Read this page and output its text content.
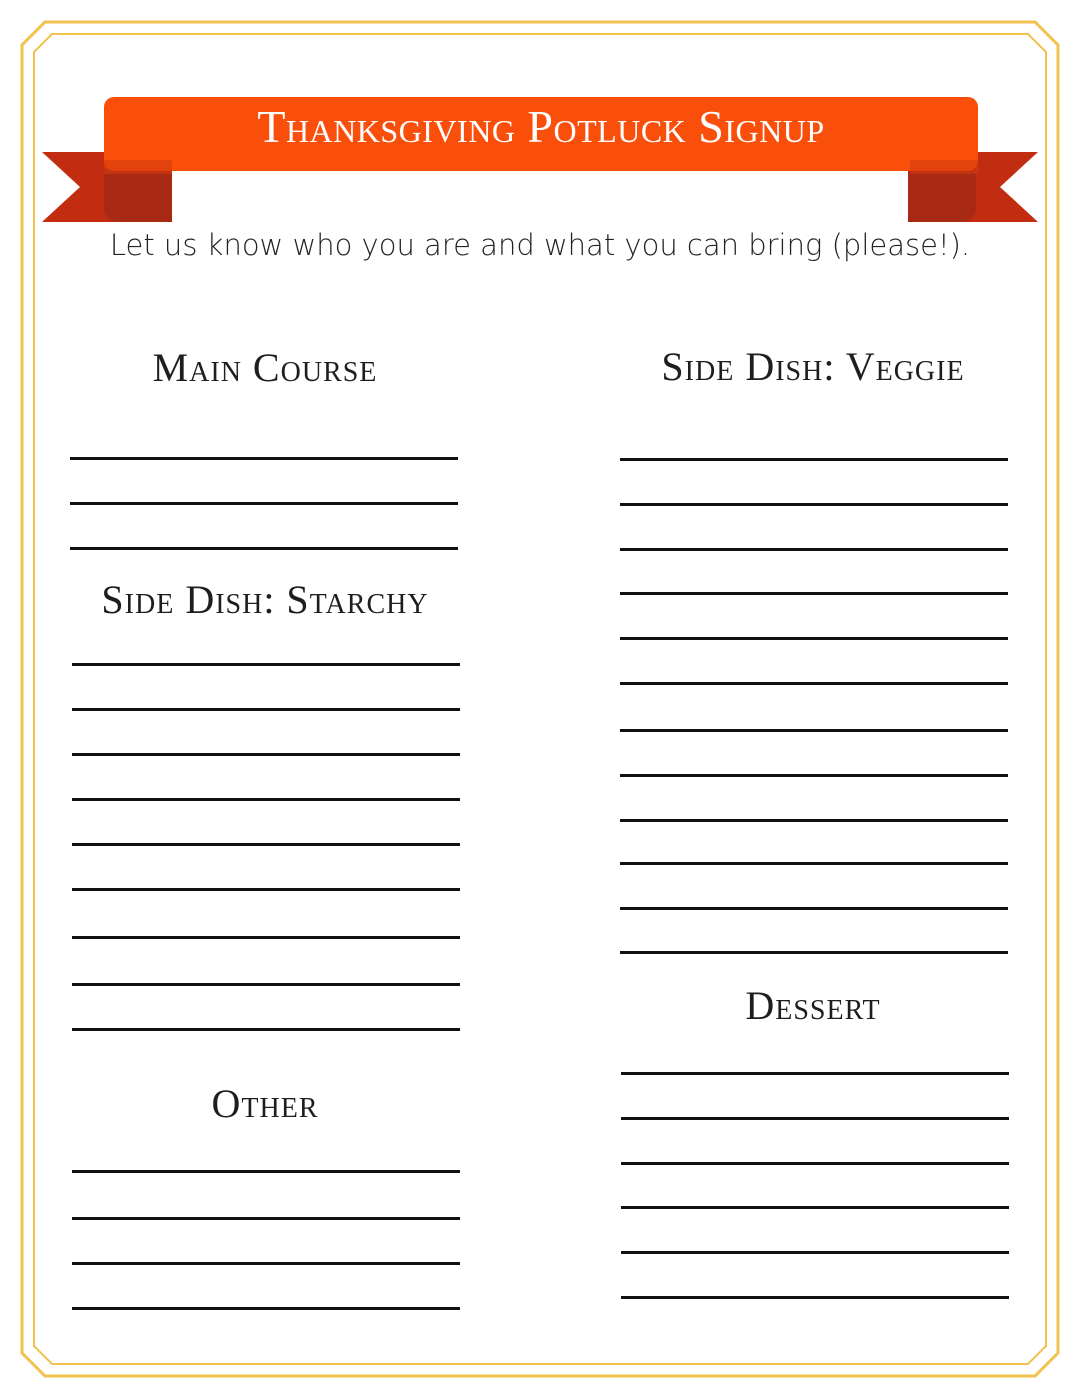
Thanksgiving Potluck Signup
Let us know who you are and what you can bring (please!).
Main Course
Side Dish: Starchy
Other
Side Dish: Veggie
Dessert
